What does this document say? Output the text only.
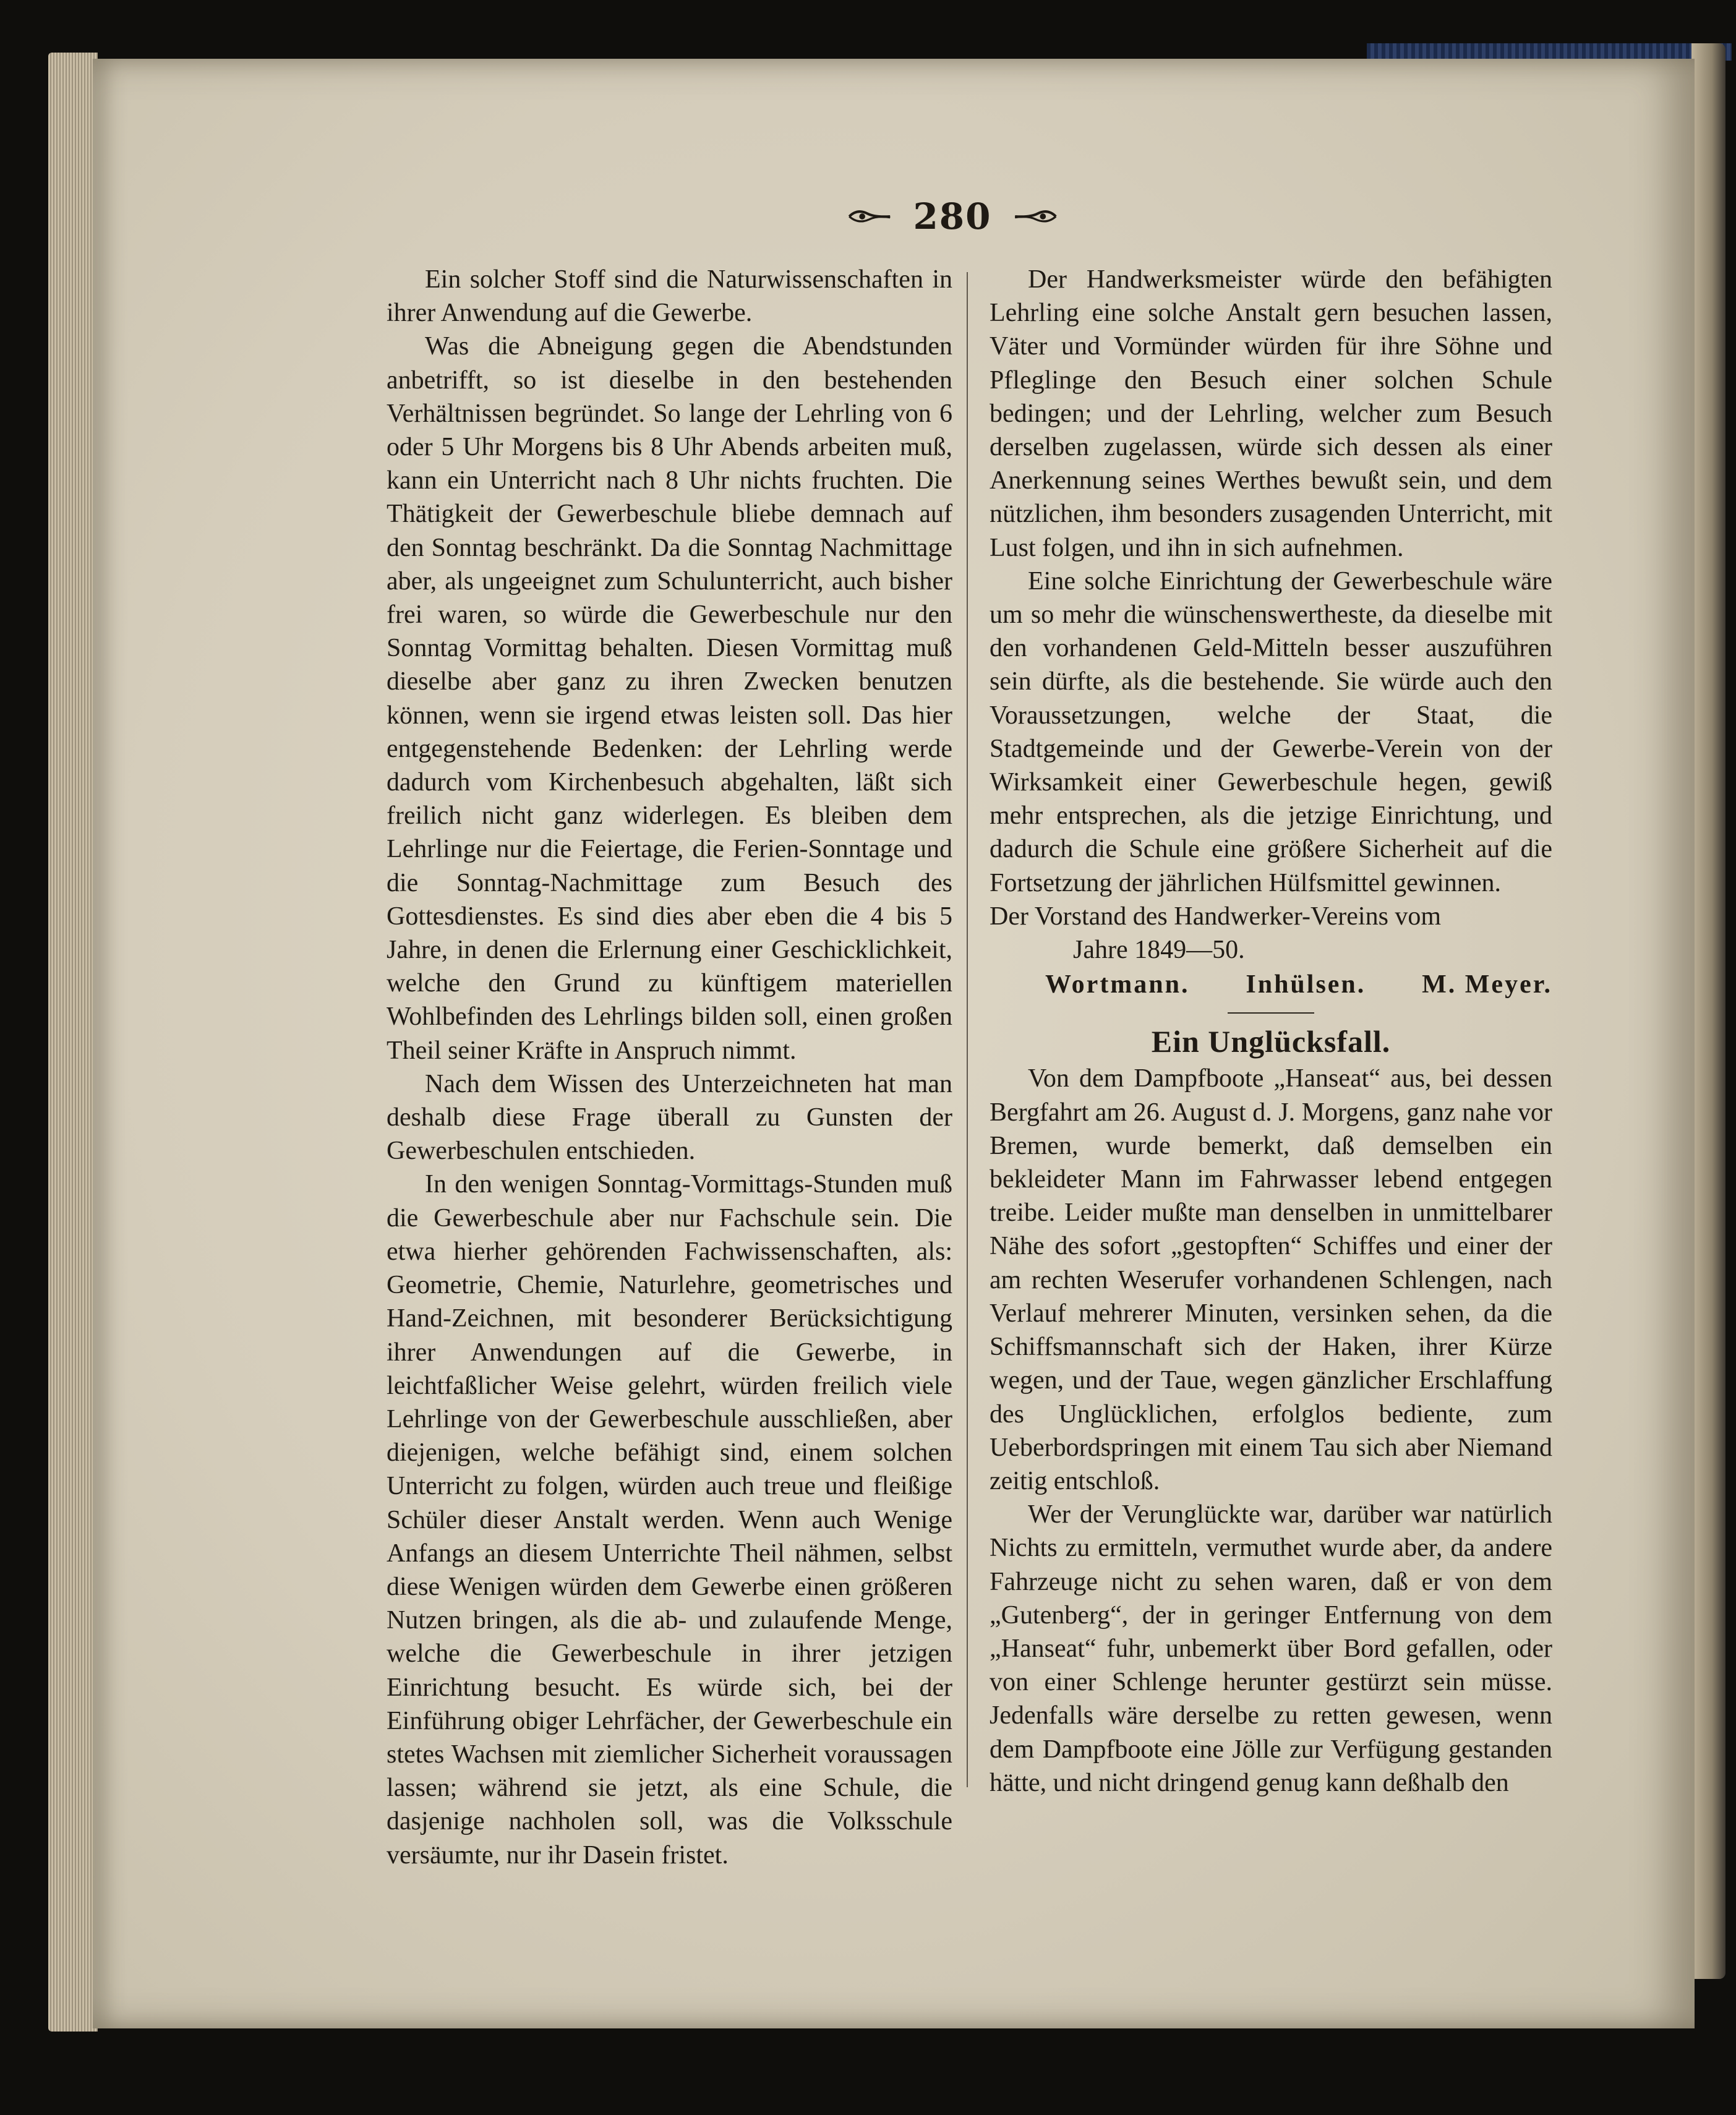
280

Ein solcher Stoff sind die Naturwissenschaften in ihrer Anwendung auf die Gewerbe.

Was die Abneigung gegen die Abendstunden anbetrifft, so ist dieselbe in den bestehenden Verhältnissen begründet. So lange der Lehrling von 6 oder 5 Uhr Morgens bis 8 Uhr Abends arbeiten muß, kann ein Unterricht nach 8 Uhr nichts fruchten. Die Thätigkeit der Gewerbeschule bliebe demnach auf den Sonntag beschränkt. Da die Sonntag Nachmittage aber, als ungeeignet zum Schulunterricht, auch bisher frei waren, so würde die Gewerbeschule nur den Sonntag Vormittag behalten. Diesen Vormittag muß dieselbe aber ganz zu ihren Zwecken benutzen können, wenn sie irgend etwas leisten soll. Das hier entgegenstehende Bedenken: der Lehrling werde dadurch vom Kirchenbesuch abgehalten, läßt sich freilich nicht ganz widerlegen. Es bleiben dem Lehrlinge nur die Feiertage, die Ferien-Sonntage und die Sonntag-Nachmittage zum Besuch des Gottesdienstes. Es sind dies aber eben die 4 bis 5 Jahre, in denen die Erlernung einer Geschicklichkeit, welche den Grund zu künftigem materiellen Wohlbefinden des Lehrlings bilden soll, einen großen Theil seiner Kräfte in Anspruch nimmt.

Nach dem Wissen des Unterzeichneten hat man deshalb diese Frage überall zu Gunsten der Gewerbeschulen entschieden.

In den wenigen Sonntag-Vormittags-Stunden muß die Gewerbeschule aber nur Fachschule sein. Die etwa hierher gehörenden Fachwissenschaften, als: Geometrie, Chemie, Naturlehre, geometrisches und Hand-Zeichnen, mit besonderer Berücksichtigung ihrer Anwendungen auf die Gewerbe, in leichtfaßlicher Weise gelehrt, würden freilich viele Lehrlinge von der Gewerbeschule ausschließen, aber diejenigen, welche befähigt sind, einem solchen Unterricht zu folgen, würden auch treue und fleißige Schüler dieser Anstalt werden. Wenn auch Wenige Anfangs an diesem Unterrichte Theil nähmen, selbst diese Wenigen würden dem Gewerbe einen größeren Nutzen bringen, als die ab- und zulaufende Menge, welche die Gewerbeschule in ihrer jetzigen Einrichtung besucht. Es würde sich, bei der Einführung obiger Lehrfächer, der Gewerbeschule ein stetes Wachsen mit ziemlicher Sicherheit voraussagen lassen; während sie jetzt, als eine Schule, die dasjenige nachholen soll, was die Volksschule versäumte, nur ihr Dasein fristet.

Der Handwerksmeister würde den befähigten Lehrling eine solche Anstalt gern besuchen lassen, Väter und Vormünder würden für ihre Söhne und Pfleglinge den Besuch einer solchen Schule bedingen; und der Lehrling, welcher zum Besuch derselben zugelassen, würde sich dessen als einer Anerkennung seines Werthes bewußt sein, und dem nützlichen, ihm besonders zusagenden Unterricht, mit Lust folgen, und ihn in sich aufnehmen.

Eine solche Einrichtung der Gewerbeschule wäre um so mehr die wünschenswertheste, da dieselbe mit den vorhandenen Geld-Mitteln besser auszuführen sein dürfte, als die bestehende. Sie würde auch den Voraussetzungen, welche der Staat, die Stadtgemeinde und der Gewerbe-Verein von der Wirksamkeit einer Gewerbeschule hegen, gewiß mehr entsprechen, als die jetzige Einrichtung, und dadurch die Schule eine größere Sicherheit auf die Fortsetzung der jährlichen Hülfsmittel gewinnen.

Der Vorstand des Handwerker-Vereins vom

Jahre 1849—50.

Wortmann. Inhülsen. M. Meyer.

Ein Unglücksfall.

Von dem Dampfboote „Hanseat“ aus, bei dessen Bergfahrt am 26. August d. J. Morgens, ganz nahe vor Bremen, wurde bemerkt, daß demselben ein bekleideter Mann im Fahrwasser lebend entgegen treibe. Leider mußte man denselben in unmittelbarer Nähe des sofort „gestopften“ Schiffes und einer der am rechten Weserufer vorhandenen Schlengen, nach Verlauf mehrerer Minuten, versinken sehen, da die Schiffsmannschaft sich der Haken, ihrer Kürze wegen, und der Taue, wegen gänzlicher Erschlaffung des Unglücklichen, erfolglos bediente, zum Ueberbordspringen mit einem Tau sich aber Niemand zeitig entschloß.

Wer der Verunglückte war, darüber war natürlich Nichts zu ermitteln, vermuthet wurde aber, da andere Fahrzeuge nicht zu sehen waren, daß er von dem „Gutenberg“, der in geringer Entfernung von dem „Hanseat“ fuhr, unbemerkt über Bord gefallen, oder von einer Schlenge herunter gestürzt sein müsse. Jedenfalls wäre derselbe zu retten gewesen, wenn dem Dampfboote eine Jölle zur Verfügung gestanden hätte, und nicht dringend genug kann deßhalb den
